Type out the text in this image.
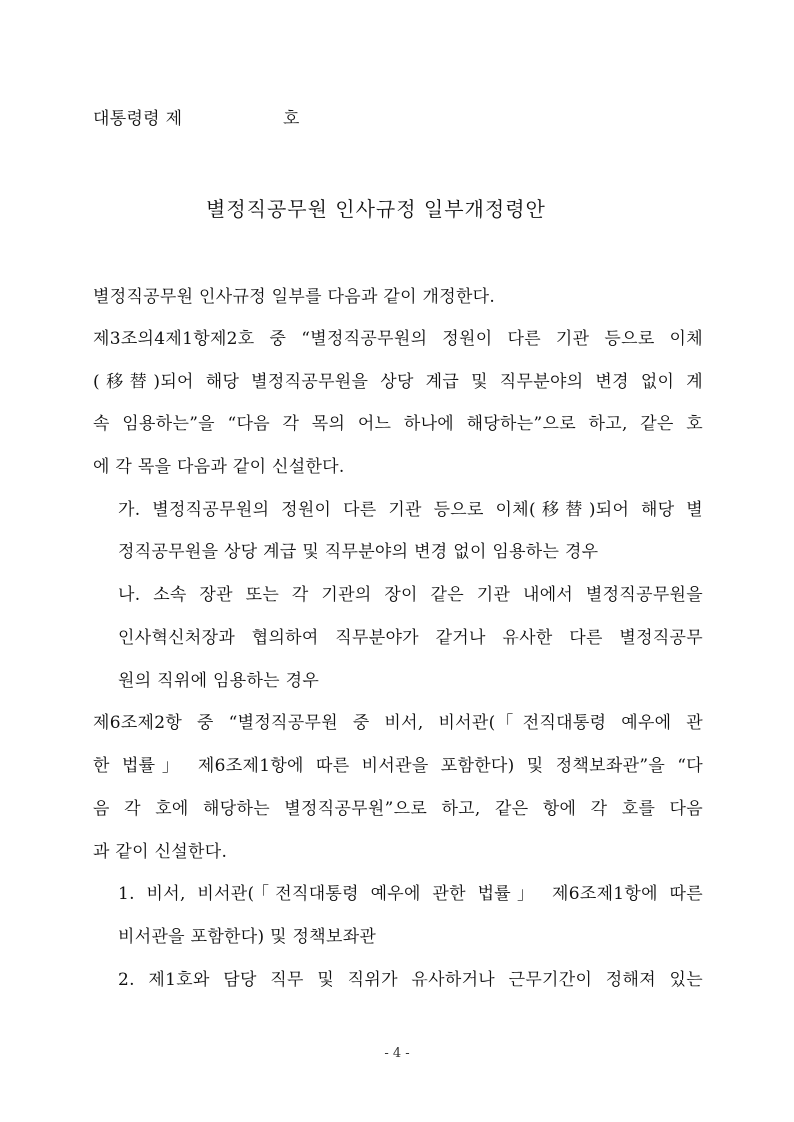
대통령령 제	호
별정직공무원 인사규정 일부개정령안
별정직공무원 인사규정 일부를 다음과 같이 개정한다.
제3조의4제1항제2호 중 “별정직공무원의 정원이 다른 기관 등으로 이체
(移替)되어 해당 별정직공무원을 상당 계급 및 직무분야의 변경 없이 계
속 임용하는”을 “다음 각 목의 어느 하나에 해당하는”으로 하고, 같은 호
에 각 목을 다음과 같이 신설한다.
가. 별정직공무원의 정원이 다른 기관 등으로 이체(移替)되어 해당 별
정직공무원을 상당 계급 및 직무분야의 변경 없이 임용하는 경우
나. 소속 장관 또는 각 기관의 장이 같은 기관 내에서 별정직공무원을
인사혁신처장과 협의하여 직무분야가 같거나 유사한 다른 별정직공무
원의 직위에 임용하는 경우
제6조제2항 중 “별정직공무원 중 비서, 비서관(「전직대통령 예우에 관
한 법률」 제6조제1항에 따른 비서관을 포함한다) 및 정책보좌관”을 “다
음 각 호에 해당하는 별정직공무원”으로 하고, 같은 항에 각 호를 다음
과 같이 신설한다.
1. 비서, 비서관(「전직대통령 예우에 관한 법률」 제6조제1항에 따른
비서관을 포함한다) 및 정책보좌관
2. 제1호와 담당 직무 및 직위가 유사하거나 근무기간이 정해져 있는
- 4 -
